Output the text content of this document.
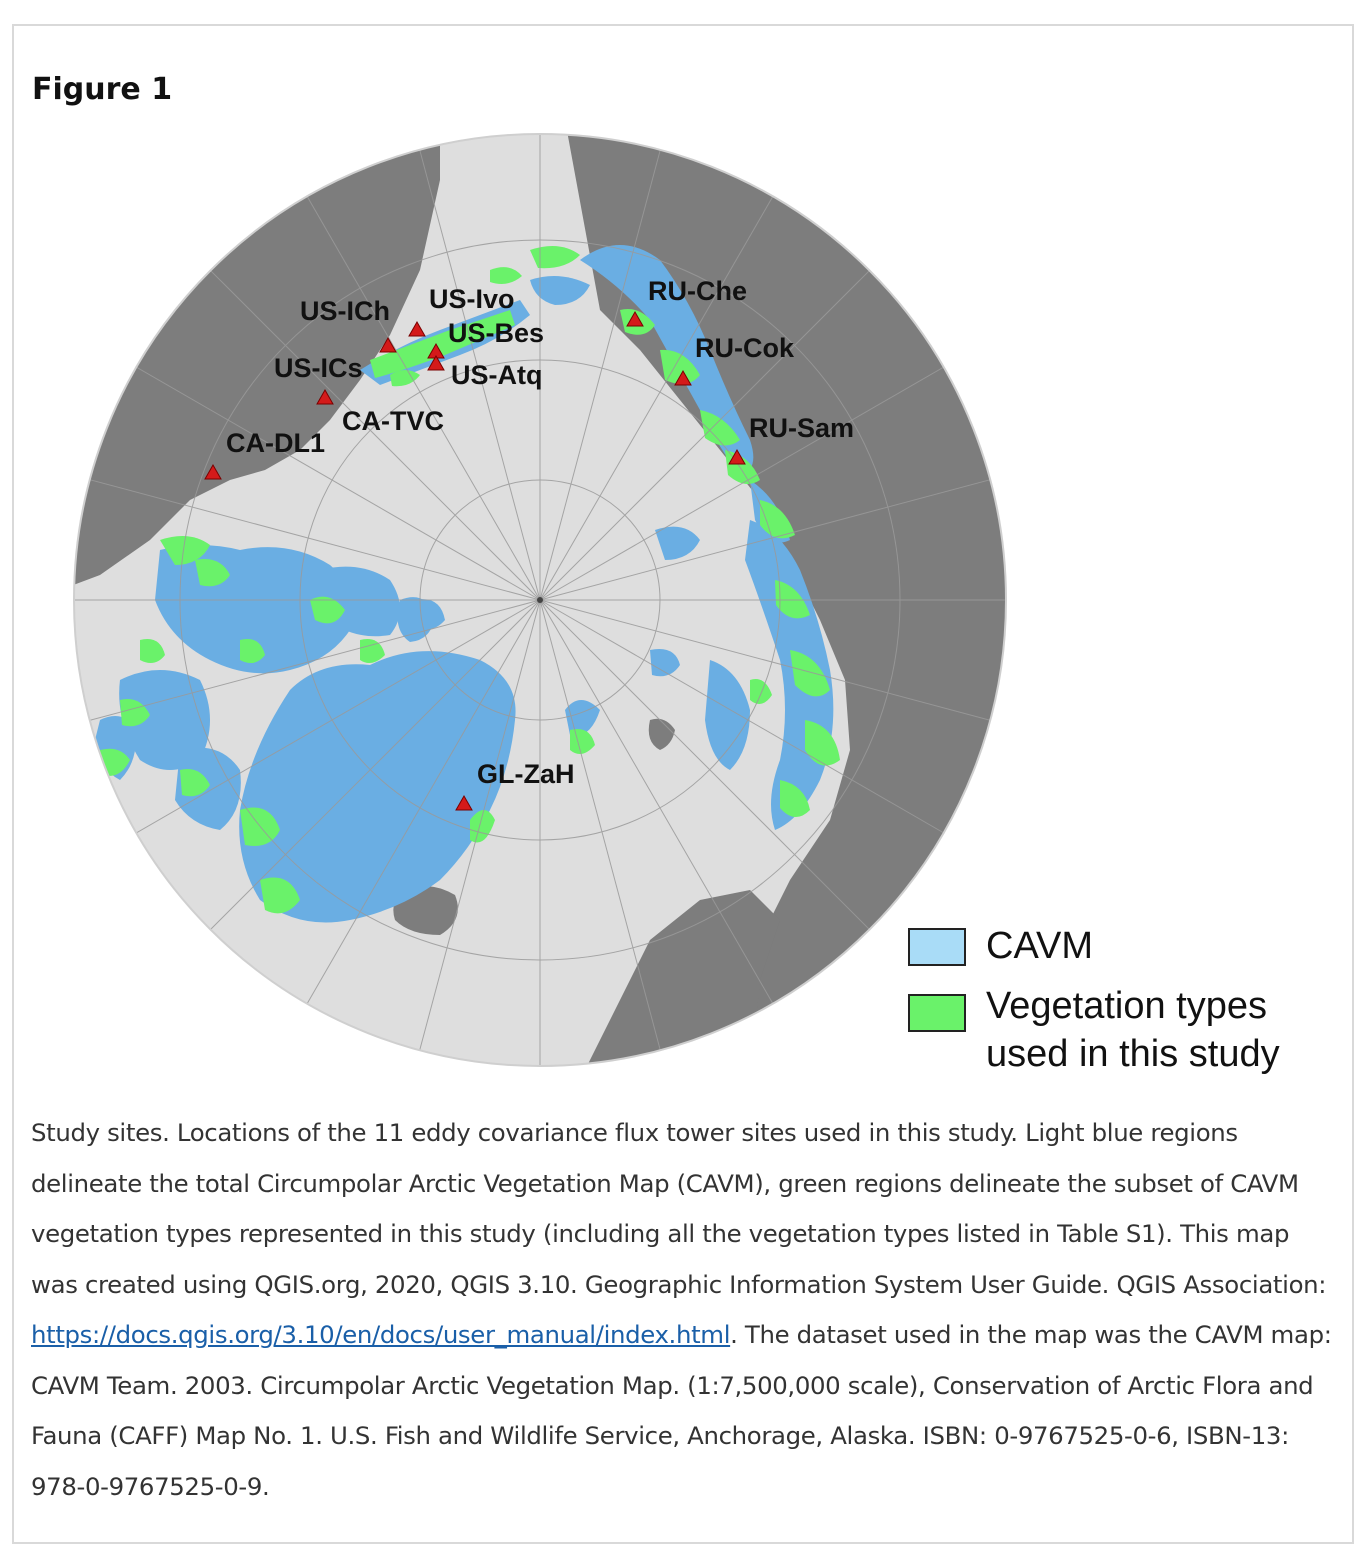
Figure 1
US-ICh US-Ivo
US-Bes
US-ICs	US-Atq
CA-TVC
CA-DL1
RU-Che
RU-Cok
RU-Sam
GL-ZaH
CAVM
Vegetation types
used in this study
Study sites. Locations of the 11 eddy covariance flux tower sites used in this study. Light blue regions delineate the total Circumpolar Arctic Vegetation Map (CAVM), green regions delineate the subset of CAVM vegetation types represented in this study (including all the vegetation types listed in Table S1). This map was created using QGIS.org, 2020, QGIS 3.10. Geographic Information System User Guide. QGIS Association: https://docs.qgis.org/3.10/en/docs/user_manual/index.html. The dataset used in the map was the CAVM map: CAVM Team. 2003. Circumpolar Arctic Vegetation Map. (1:7,500,000 scale), Conservation of Arctic Flora and Fauna (CAFF) Map No. 1. U.S. Fish and Wildlife Service, Anchorage, Alaska. ISBN: 0-9767525-0-6, ISBN-13: 978-0-9767525-0-9.
